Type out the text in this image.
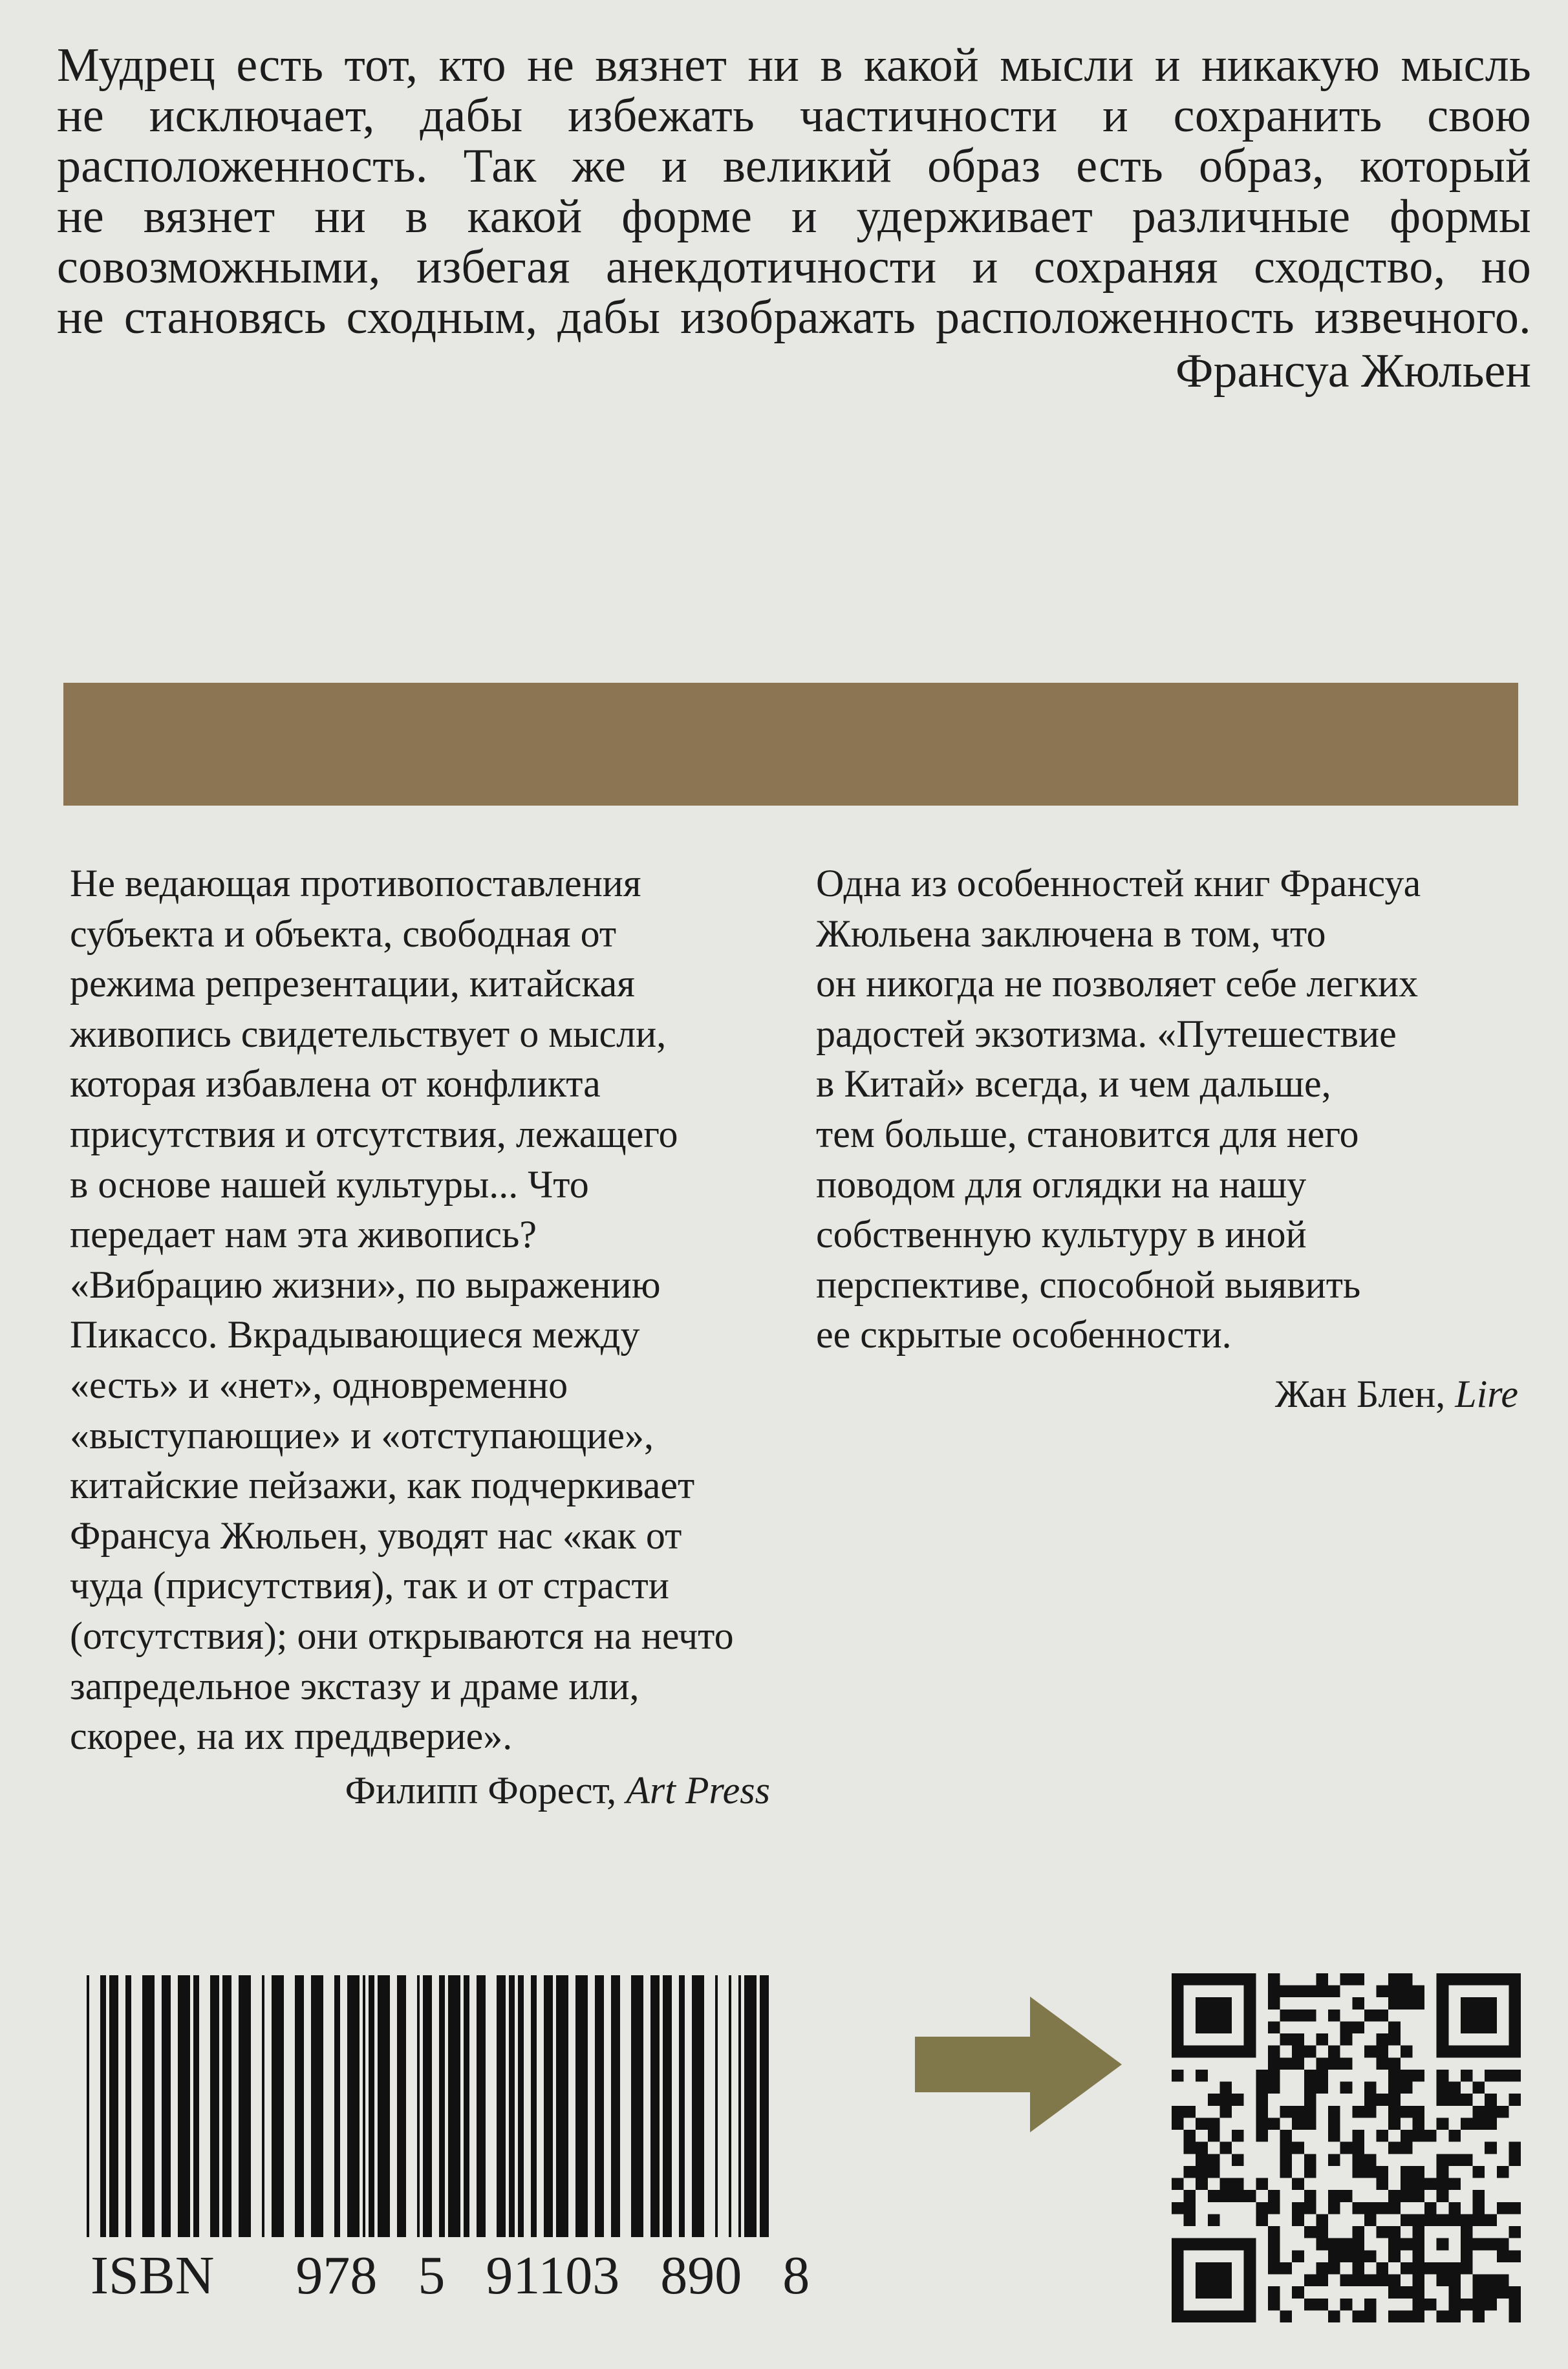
Мудрец есть тот, кто не вязнет ни в какой мысли и никакую мысль
не исключает, дабы избежать частичности и сохранить свою
расположенность. Так же и великий образ есть образ, который
не вязнет ни в какой форме и удерживает различные формы
совозможными, избегая анекдотичности и сохраняя сходство, но
не становясь сходным, дабы изображать расположенность извечного.
Франсуа Жюльен
Не ведающая противопоставления
субъекта и объекта, свободная от
режима репрезентации, китайская
живопись свидетельствует о мысли,
которая избавлена от конфликта
присутствия и отсутствия, лежащего
в основе нашей культуры... Что
передает нам эта живопись?
«Вибрацию жизни», по выражению
Пикассо. Вкрадывающиеся между
«есть» и «нет», одновременно
«выступающие» и «отступающие»,
китайские пейзажи, как подчеркивает
Франсуа Жюльен, уводят нас «как от
чуда (присутствия), так и от страсти
(отсутствия); они открываются на нечто
запредельное экстазу и драме или,
скорее, на их преддверие».
Филипп Форест, Art Press
Одна из особенностей книг Франсуа
Жюльена заключена в том, что
он никогда не позволяет себе легких
радостей экзотизма. «Путешествие
в Китай» всегда, и чем дальше,
тем больше, становится для него
поводом для оглядки на нашу
собственную культуру в иной
перспективе, способной выявить
ее скрытые особенности.
Жан Блен, Lire
ISBN 978   5   91103   890   8
